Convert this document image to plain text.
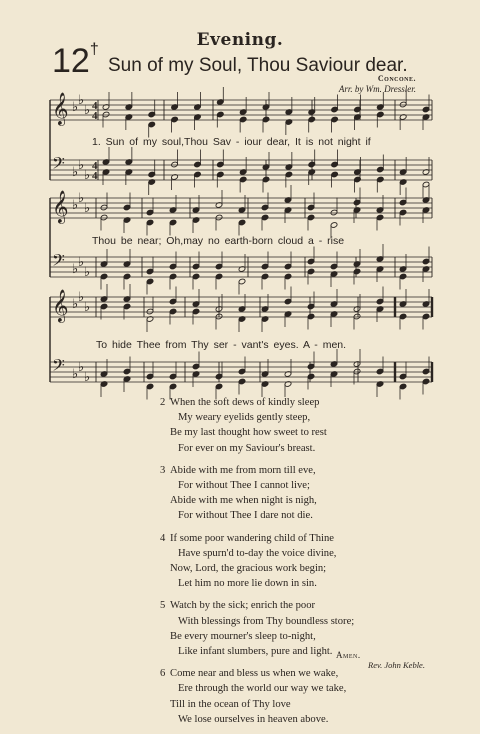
Evening.
12†
Sun of my Soul, Thou Saviour dear.
Concone.
Arr. by Wm. Dressler.
𝄞 ♭ ♭
♭ 4
4
𝄢 ♭ ♭
♭
4
4
𝄞 ♭ ♭
♭
𝄢 ♭ ♭
♭
𝄞 ♭ ♭
♭
𝄢 ♭ ♭
♭
1. Sun of my soul,Thou Sav - iour dear, It is not night if
Thou be near; Oh,may no earth-born cloud a - rise
To hide Thee from Thy ser - vant's eyes. A - men.
2 When the soft dews of kindly sleep
My weary eyelids gently steep,
Be my last thought how sweet to rest
For ever on my Saviour's breast.
3 Abide with me from morn till eve,
For without Thee I cannot live;
Abide with me when night is nigh,
For without Thee I dare not die.
4 If some poor wandering child of Thine
Have spurn'd to-day the voice divine,
Now, Lord, the gracious work begin;
Let him no more lie down in sin.
5 Watch by the sick; enrich the poor
With blessings from Thy boundless store;
Be every mourner's sleep to-night,
Like infant slumbers, pure and light.
6 Come near and bless us when we wake,
Ere through the world our way we take,
Till in the ocean of Thy love
We lose ourselves in heaven above.
Amen.
Rev. John Keble.
